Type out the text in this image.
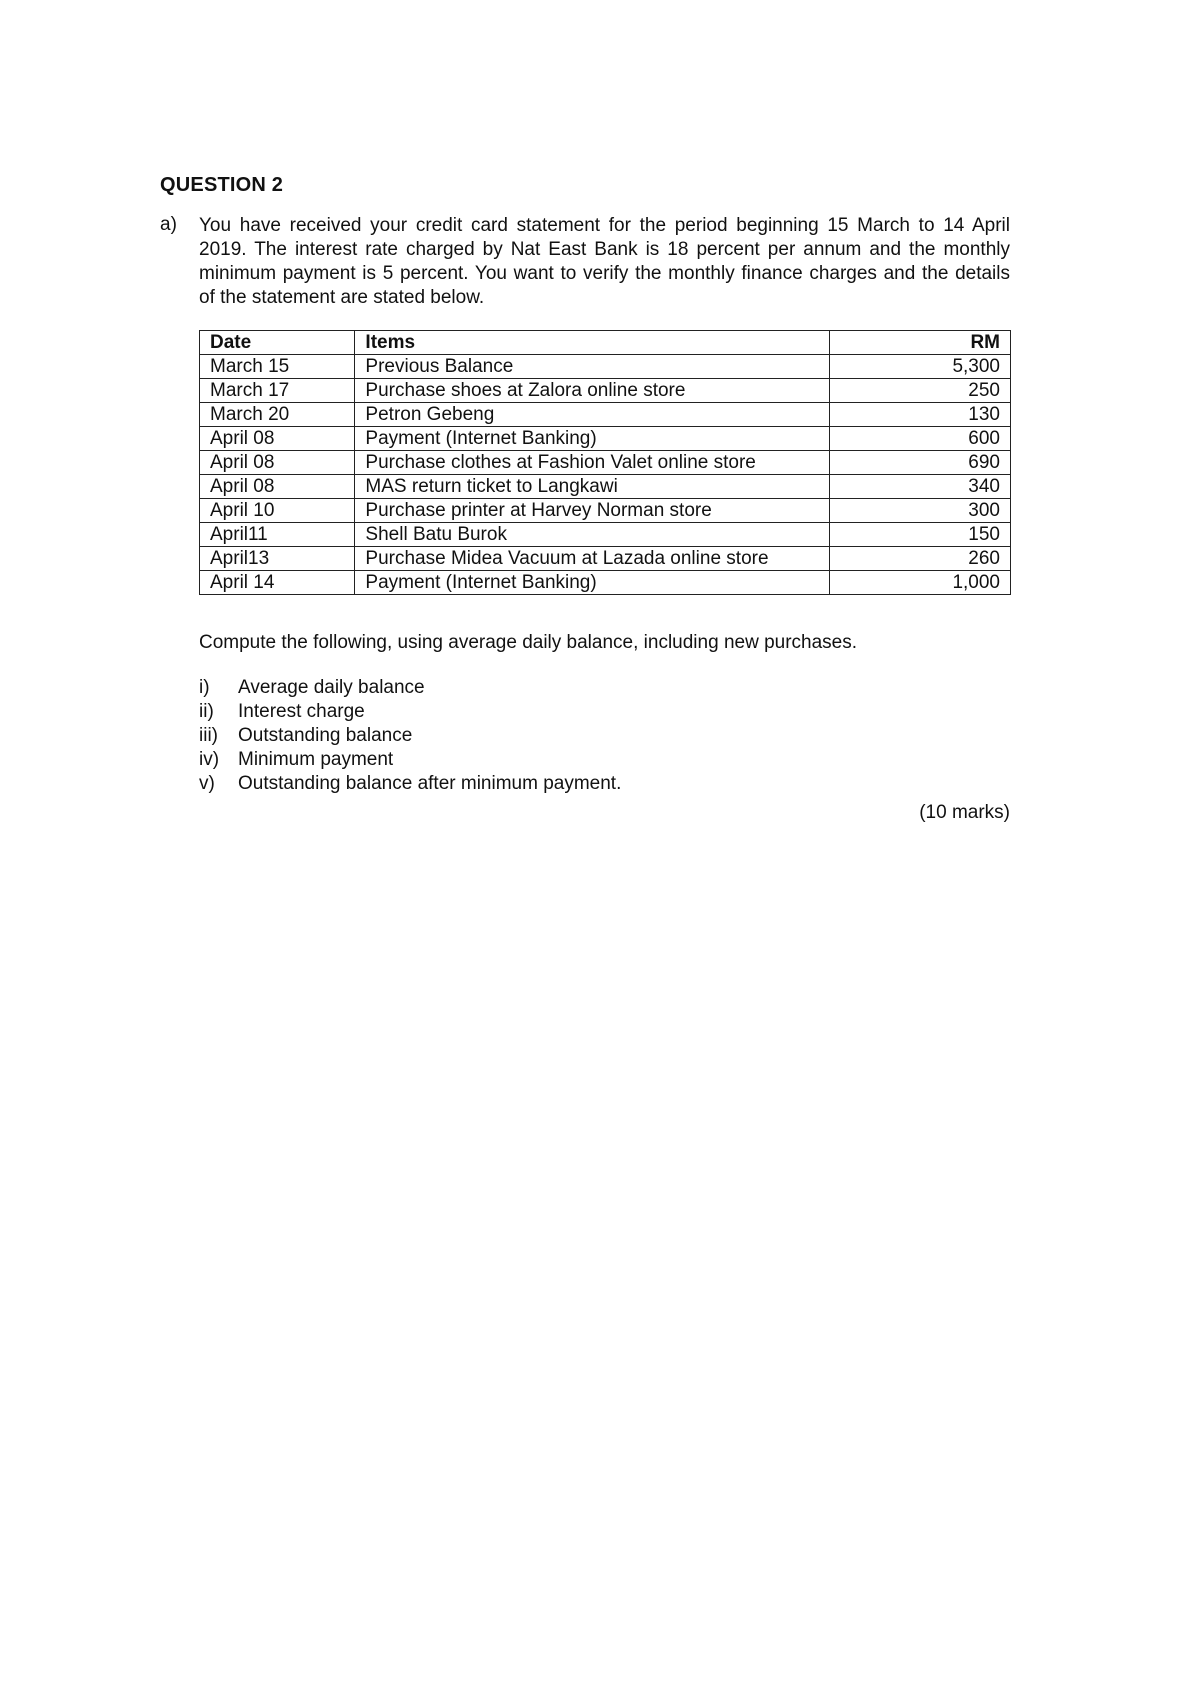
QUESTION 2
a) You have received your credit card statement for the period beginning 15 March to 14 April 2019. The interest rate charged by Nat East Bank is 18 percent per annum and the monthly minimum payment is 5 percent. You want to verify the monthly finance charges and the details of the statement are stated below.
Date	Items	RM
March 15	Previous Balance	5,300
March 17	Purchase shoes at Zalora online store	250
March 20	Petron Gebeng	130
April 08	Payment (Internet Banking)	600
April 08	Purchase clothes at Fashion Valet online store	690
April 08	MAS return ticket to Langkawi	340
April 10	Purchase printer at Harvey Norman store	300
April11	Shell Batu Burok	150
April13	Purchase Midea Vacuum at Lazada online store	260
April 14	Payment (Internet Banking)	1,000
Compute the following, using average daily balance, including new purchases.
i) Average daily balance
ii) Interest charge
iii) Outstanding balance
iv) Minimum payment
v) Outstanding balance after minimum payment.
(10 marks)
